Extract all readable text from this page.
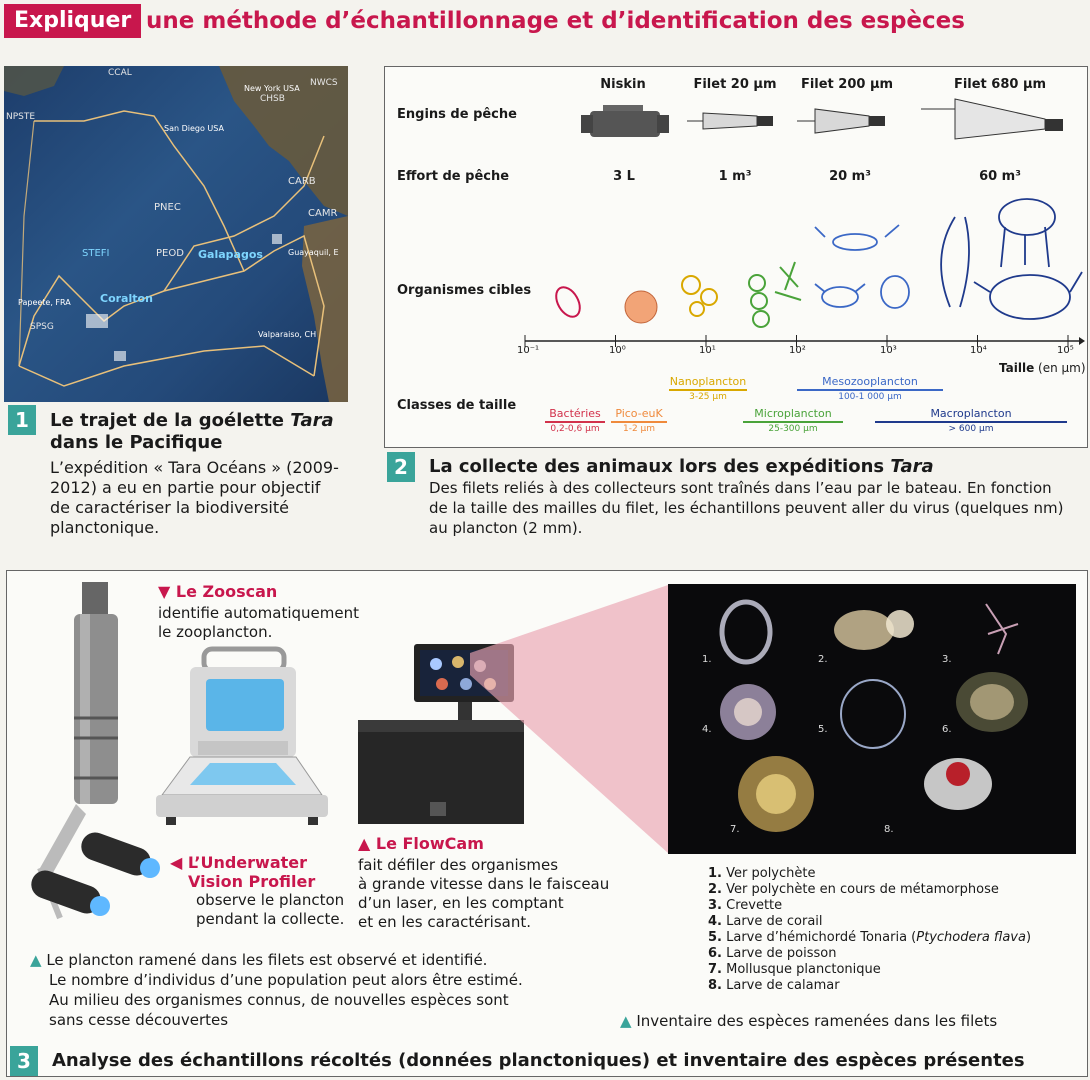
Expliquer une méthode d’échantillonnage et d’identification des espèces
CCAL
New York USA
NWCS
CHSB
NPSTE
San Diego USA
CARB
PNEC
CAMR
Galapagos
STEFI	PEOD	Guayaquil, E
Coralton
Papeete, FRA
SPSG
Valparaiso, CH
1	Le trajet de la goélette Tara
dans le Pacifique
L’expédition « Tara Océans » (2009-
2012) a eu en partie pour objectif
de caractériser la biodiversité
planctonique.
Engins de pêche
Effort de pêche
Organismes cibles
Classes de taille
Niskin	Filet 20 µm	Filet 200 µm	Filet 680 µm
3 L	1 m³	20 m³	60 m³
10⁻¹	10⁰	10¹	10²	10³	10⁴	10⁵
Taille (en µm)
Bactéries
0,2-0,6 µm
Pico-euK
1-2 µm
Nanoplancton
3-25 µm
Microplancton
25-300 µm
Mesozooplancton
100-1 000 µm
Macroplancton
> 600 µm
2	La collecte des animaux lors des expéditions Tara
Des filets reliés à des collecteurs sont traînés dans l’eau par le bateau. En fonction
de la taille des mailles du filet, les échantillons peuvent aller du virus (quelques nm)
au plancton (2 mm).
▼ Le Zooscan
identifie automatiquement
le zooplancton.
◀ L’Underwater
Vision Profiler
observe le plancton
pendant la collecte.
▲ Le FlowCam
fait défiler des organismes
à grande vitesse dans le faisceau
d’un laser, en les comptant
et en les caractérisant.
1.	2.	3.
4.	5.	6.
7.	8.
1. Ver polychète
2. Ver polychète en cours de métamorphose
3. Crevette
4. Larve de corail
5. Larve d’hémichordé Tonaria (Ptychodera flava)
6. Larve de poisson
7. Mollusque planctonique
8. Larve de calamar
▲ Le plancton ramené dans les filets est observé et identifié.
Le nombre d’individus d’une population peut alors être estimé.
Au milieu des organismes connus, de nouvelles espèces sont
sans cesse découvertes	▲ Inventaire des espèces ramenées dans les filets
3	Analyse des échantillons récoltés (données planctoniques) et inventaire des espèces présentes
